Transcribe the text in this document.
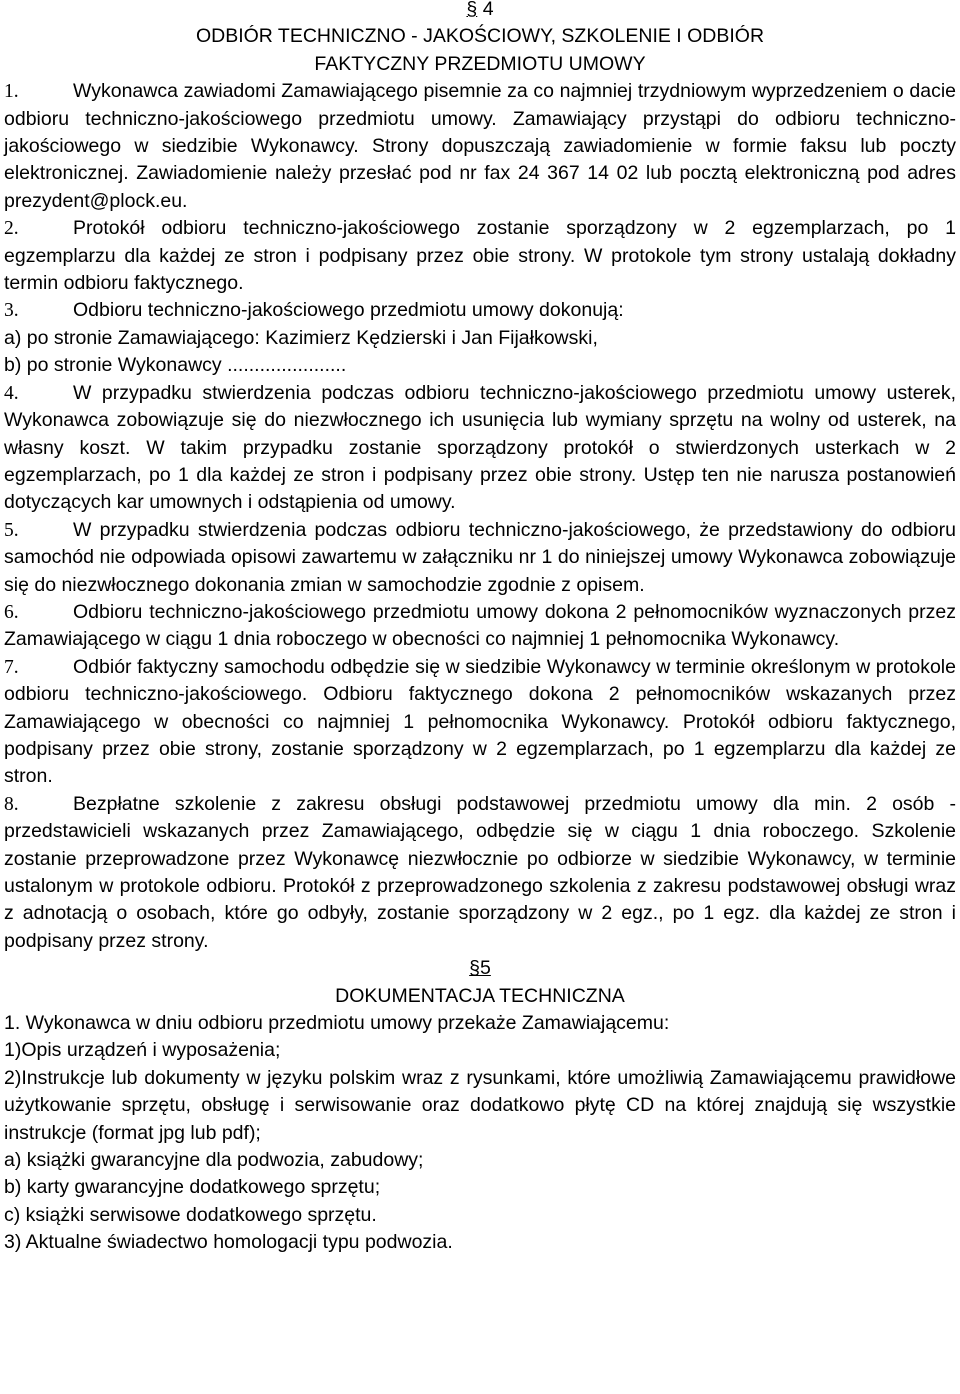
§ 4
ODBIÓR TECHNICZNO - JAKOŚCIOWY, SZKOLENIE I ODBIÓR
FAKTYCZNY PRZEDMIOTU UMOWY

1.	Wykonawca zawiadomi Zamawiającego pisemnie za co najmniej trzydniowym wyprzedzeniem o dacie odbioru techniczno-jakościowego przedmiotu umowy. Zamawiający przystąpi do odbioru techniczno-jakościowego w siedzibie Wykonawcy. Strony dopuszczają zawiadomienie w formie faksu lub poczty elektronicznej. Zawiadomienie należy przesłać pod nr fax 24 367 14 02 lub pocztą elektroniczną pod adres prezydent@plock.eu.

2.	Protokół odbioru techniczno-jakościowego zostanie sporządzony w 2 egzemplarzach, po 1 egzemplarzu dla każdej ze stron i podpisany przez obie strony. W protokole tym strony ustalają dokładny termin odbioru faktycznego.

3.	Odbioru techniczno-jakościowego przedmiotu umowy dokonują:

a) po stronie Zamawiającego: Kazimierz Kędzierski i Jan Fijałkowski,
b) po stronie Wykonawcy ......................

4.	W przypadku stwierdzenia podczas odbioru techniczno-jakościowego przedmiotu umowy usterek, Wykonawca zobowiązuje się do niezwłocznego ich usunięcia lub wymiany sprzętu na wolny od usterek, na własny koszt. W takim przypadku zostanie sporządzony protokół o stwierdzonych usterkach w 2 egzemplarzach, po 1 dla każdej ze stron i podpisany przez obie strony. Ustęp ten nie narusza postanowień dotyczących kar umownych i odstąpienia od umowy.

5.	W przypadku stwierdzenia podczas odbioru techniczno-jakościowego, że przedstawiony do odbioru samochód nie odpowiada opisowi zawartemu w załączniku nr 1 do niniejszej umowy Wykonawca zobowiązuje się do niezwłocznego dokonania zmian w samochodzie zgodnie z opisem.

6.	Odbioru techniczno-jakościowego przedmiotu umowy dokona 2 pełnomocników wyznaczonych przez Zamawiającego w ciągu 1 dnia roboczego w obecności co najmniej 1 pełnomocnika Wykonawcy.

7.	Odbiór faktyczny samochodu odbędzie się w siedzibie Wykonawcy w terminie określonym w protokole odbioru techniczno-jakościowego. Odbioru faktycznego dokona 2 pełnomocników wskazanych przez Zamawiającego w obecności co najmniej 1 pełnomocnika Wykonawcy. Protokół odbioru faktycznego, podpisany przez obie strony, zostanie sporządzony w 2 egzemplarzach, po 1 egzemplarzu dla każdej ze stron.

8.	Bezpłatne szkolenie z zakresu obsługi podstawowej przedmiotu umowy dla min. 2 osób - przedstawicieli wskazanych przez Zamawiającego, odbędzie się w ciągu 1 dnia roboczego. Szkolenie zostanie przeprowadzone przez Wykonawcę niezwłocznie po odbiorze w siedzibie Wykonawcy, w terminie ustalonym w protokole odbioru. Protokół z przeprowadzonego szkolenia z zakresu podstawowej obsługi wraz z adnotacją o osobach, które go odbyły, zostanie sporządzony w 2 egz., po 1 egz. dla każdej ze stron i podpisany przez strony.

§5
DOKUMENTACJA TECHNICZNA
1. Wykonawca w dniu odbioru przedmiotu umowy przekaże Zamawiającemu:
1)Opis urządzeń i wyposażenia;

2)Instrukcje lub dokumenty w języku polskim wraz z rysunkami, które umożliwią Zamawiającemu prawidłowe użytkowanie sprzętu, obsługę i serwisowanie oraz dodatkowo płytę CD na której znajdują się wszystkie instrukcje (format jpg lub pdf);

a) książki gwarancyjne dla podwozia, zabudowy;
b) karty gwarancyjne dodatkowego sprzętu;
c) książki serwisowe dodatkowego sprzętu.
3) Aktualne świadectwo homologacji typu podwozia.
